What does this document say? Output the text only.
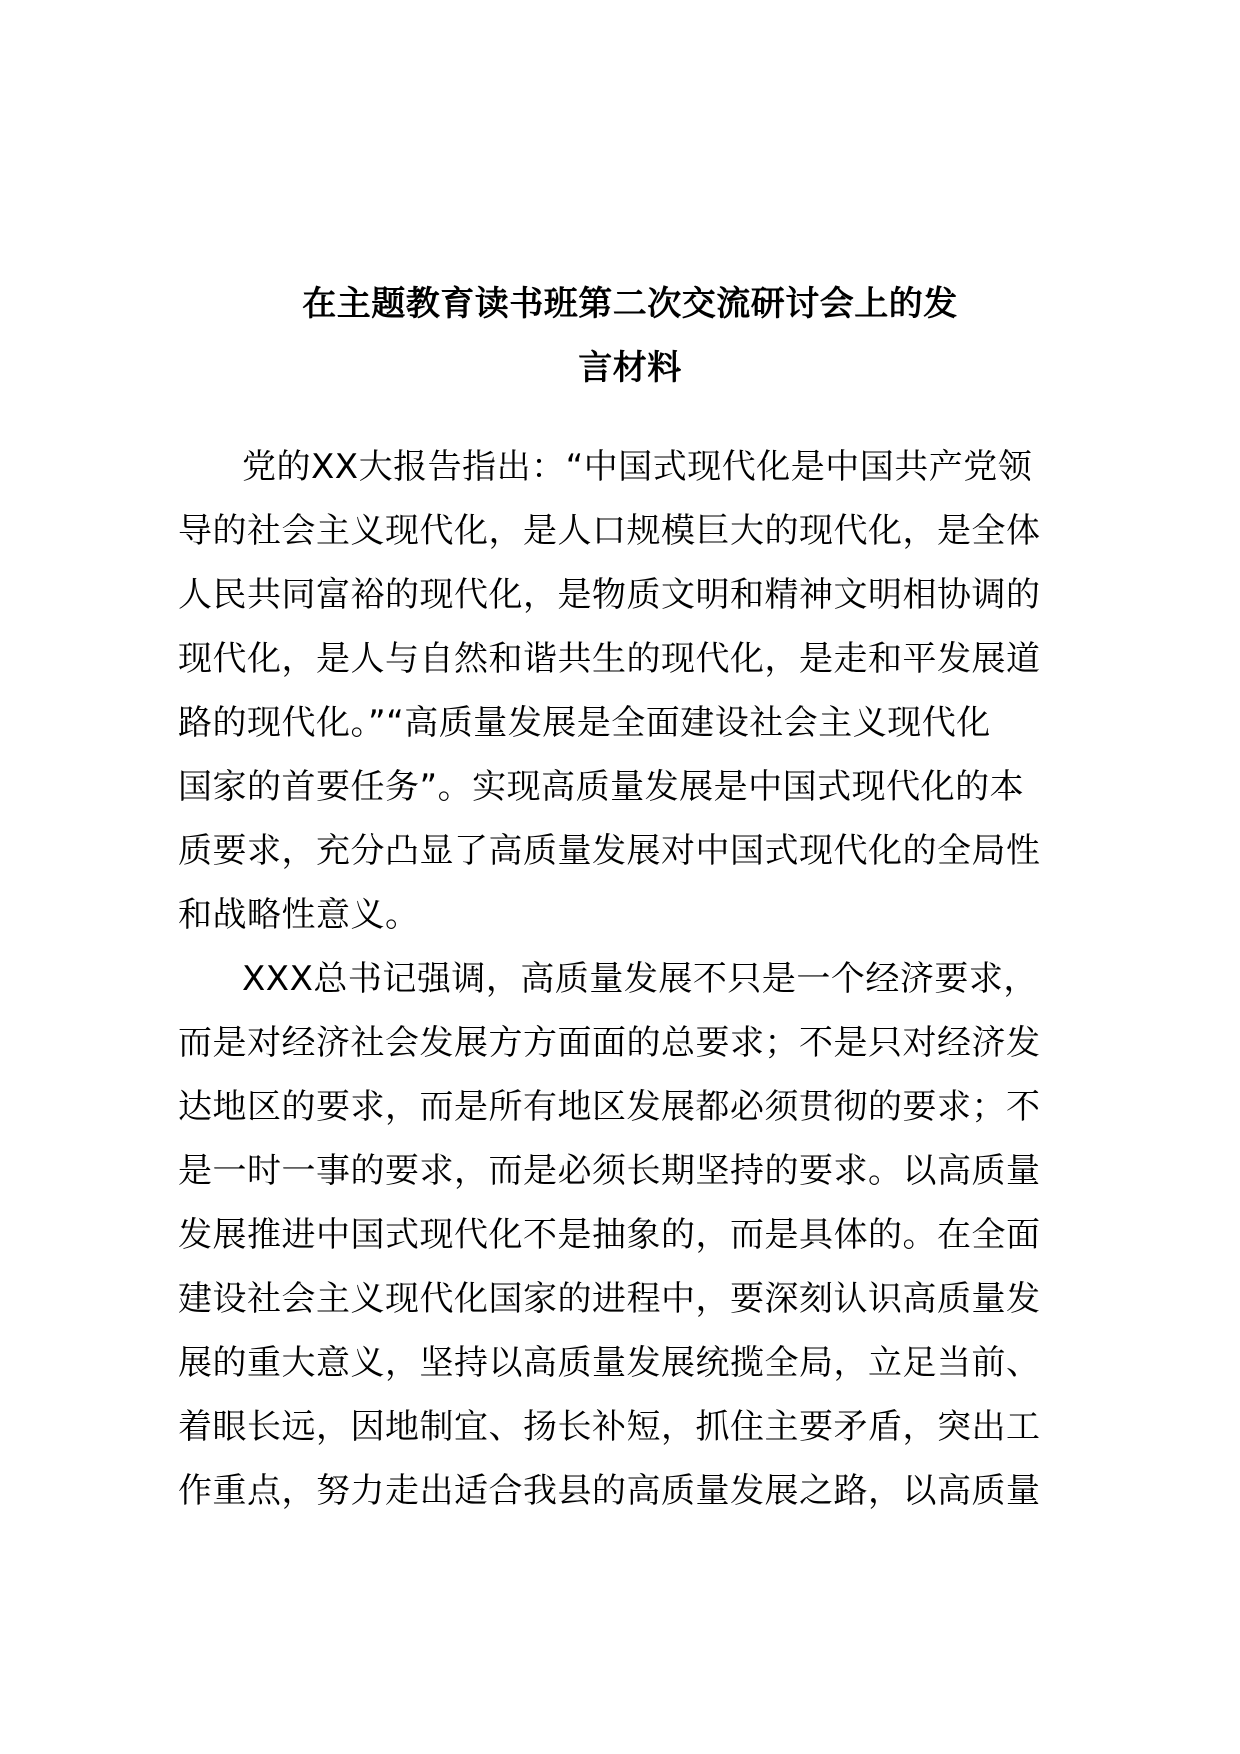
在主题教育读书班第二次交流研讨会上的发
言材料
党的XX大报告指出：“中国式现代化是中国共产党领
导的社会主义现代化，是人口规模巨大的现代化，是全体
人民共同富裕的现代化，是物质文明和精神文明相协调的
现代化，是人与自然和谐共生的现代化，是走和平发展道
路的现代化。”“高质量发展是全面建设社会主义现代化
国家的首要任务”。实现高质量发展是中国式现代化的本
质要求，充分凸显了高质量发展对中国式现代化的全局性
和战略性意义。
XXX总书记强调，高质量发展不只是一个经济要求，
而是对经济社会发展方方面面的总要求；不是只对经济发
达地区的要求，而是所有地区发展都必须贯彻的要求；不
是一时一事的要求，而是必须长期坚持的要求。以高质量
发展推进中国式现代化不是抽象的，而是具体的。在全面
建设社会主义现代化国家的进程中，要深刻认识高质量发
展的重大意义，坚持以高质量发展统揽全局，立足当前、
着眼长远，因地制宜、扬长补短，抓住主要矛盾，突出工
作重点，努力走出适合我县的高质量发展之路，以高质量
